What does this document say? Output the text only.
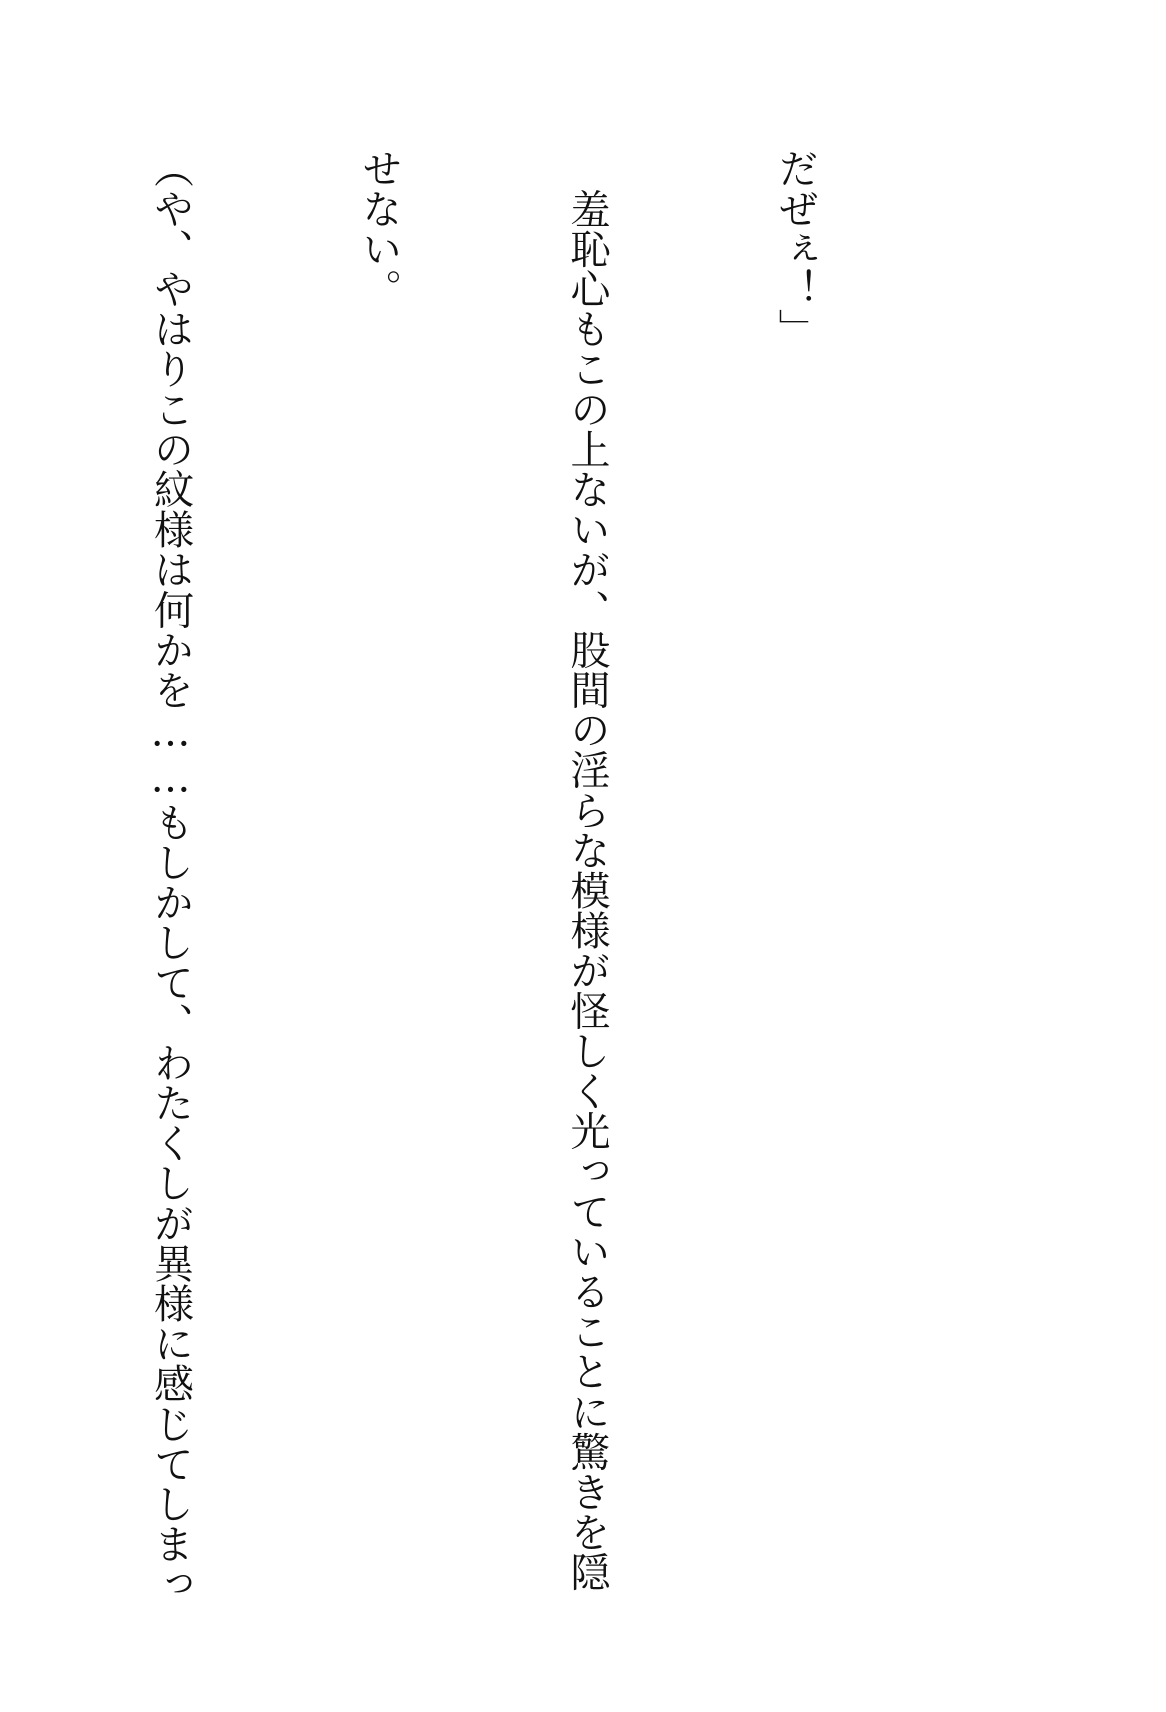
だぜぇ！」

　羞恥心もこの上ないが、股間の淫らな模様が怪しく光っていることに驚きを隠

せない。

（や、やはりこの紋様は何かを……もしかして、わたくしが異様に感じてしまっ
